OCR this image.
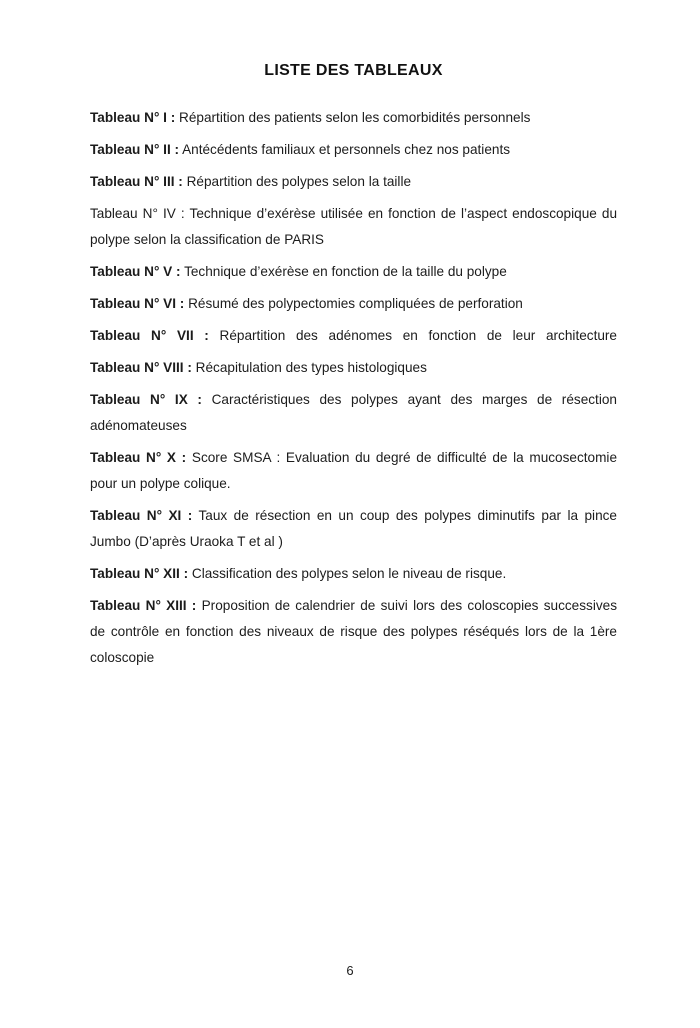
LISTE DES TABLEAUX

Tableau N° I : Répartition des patients selon les comorbidités personnels

Tableau N° II : Antécédents familiaux et personnels chez nos patients

Tableau N° III : Répartition des polypes selon la taille

Tableau N° IV : Technique d’exérèse utilisée en fonction de l’aspect endoscopique du polype selon la classification de PARIS

Tableau N° V : Technique d’exérèse en fonction de la taille du polype

Tableau N° VI : Résumé des polypectomies compliquées de perforation

Tableau N° VII : Répartition des adénomes en fonction de leur architecture

Tableau N° VIII : Récapitulation des types histologiques

Tableau N° IX : Caractéristiques des polypes ayant des marges de résection adénomateuses

Tableau N° X : Score SMSA : Evaluation du degré de difficulté de la mucosectomie pour un polype colique.

Tableau N° XI : Taux de résection en un coup des polypes diminutifs par la pince Jumbo (D’après Uraoka T et al )

Tableau N° XII : Classification des polypes selon le niveau de risque.

Tableau N° XIII : Proposition de calendrier de suivi lors des coloscopies successives de contrôle en fonction des niveaux de risque des polypes réséqués lors de la 1ère coloscopie

6
